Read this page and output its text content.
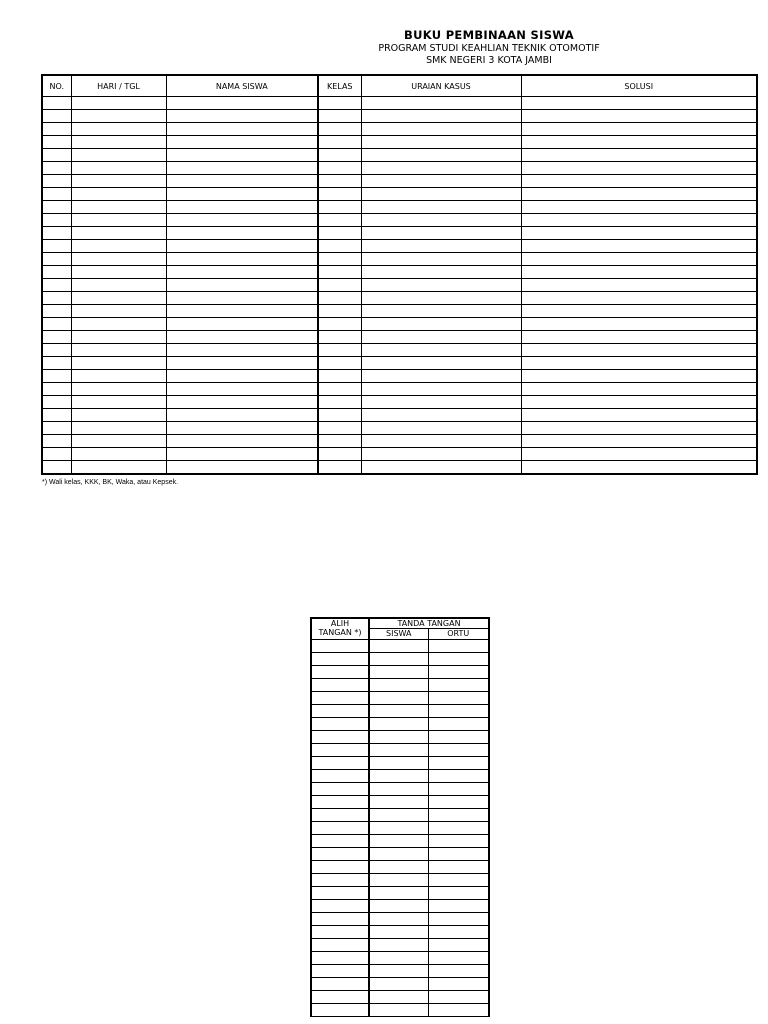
BUKU PEMBINAAN SISWA
PROGRAM STUDI KEAHLIAN TEKNIK OTOMOTIF
SMK NEGERI 3 KOTA JAMBI
NO.	HARI / TGL	NAMA SISWA	KELAS	URAIAN KASUS	SOLUSI

*) Wali kelas, KKK, BK, Waka, atau Kepsek.
ALIH
TANGAN *)	TANDA TANGAN	
	SISWA	ORTU
